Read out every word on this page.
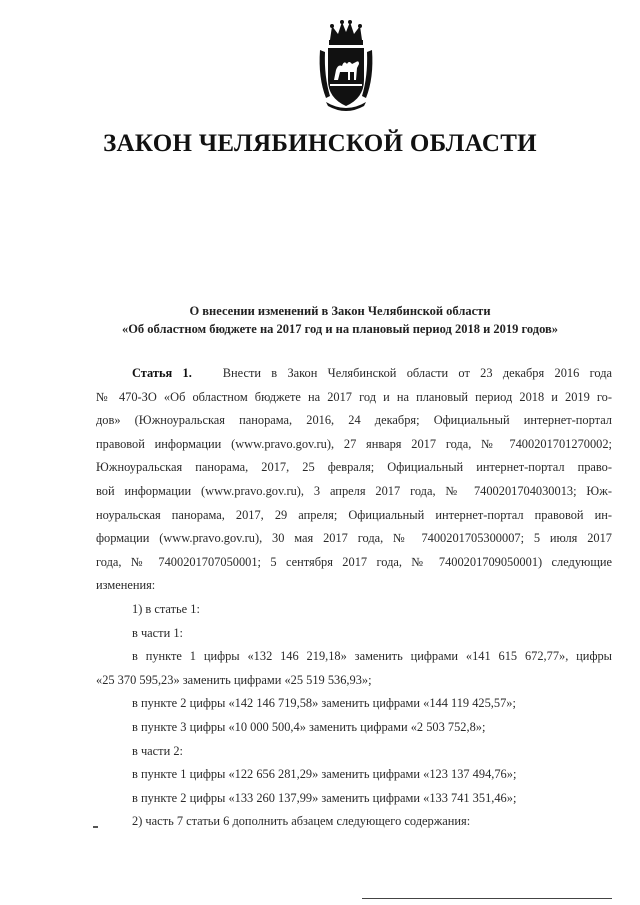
ЗАКОН ЧЕЛЯБИНСКОЙ ОБЛАСТИ
О внесении изменений в Закон Челябинской области
«Об областном бюджете на 2017 год и на плановый период 2018 и 2019 годов»
Статья 1. Внести в Закон Челябинской области от 23 декабря 2016 года
№ 470-ЗО «Об областном бюджете на 2017 год и на плановый период 2018 и 2019 го-
дов» (Южноуральская панорама, 2016, 24 декабря; Официальный интернет-портал
правовой информации (www.pravo.gov.ru), 27 января 2017 года, № 7400201701270002;
Южноуральская панорама, 2017, 25 февраля; Официальный интернет-портал право-
вой информации (www.pravo.gov.ru), 3 апреля 2017 года, № 7400201704030013; Юж-
ноуральская панорама, 2017, 29 апреля; Официальный интернет-портал правовой ин-
формации (www.pravo.gov.ru), 30 мая 2017 года, № 7400201705300007; 5 июля 2017
года, № 7400201707050001; 5 сентября 2017 года, № 7400201709050001) следующие
изменения:
1) в статье 1:
в части 1:
в пункте 1 цифры «132 146 219,18» заменить цифрами «141 615 672,77», цифры
«25 370 595,23» заменить цифрами «25 519 536,93»;
в пункте 2 цифры «142 146 719,58» заменить цифрами «144 119 425,57»;
в пункте 3 цифры «10 000 500,4» заменить цифрами «2 503 752,8»;
в части 2:
в пункте 1 цифры «122 656 281,29» заменить цифрами «123 137 494,76»;
в пункте 2 цифры «133 260 137,99» заменить цифрами «133 741 351,46»;
2) часть 7 статьи 6 дополнить абзацем следующего содержания:
